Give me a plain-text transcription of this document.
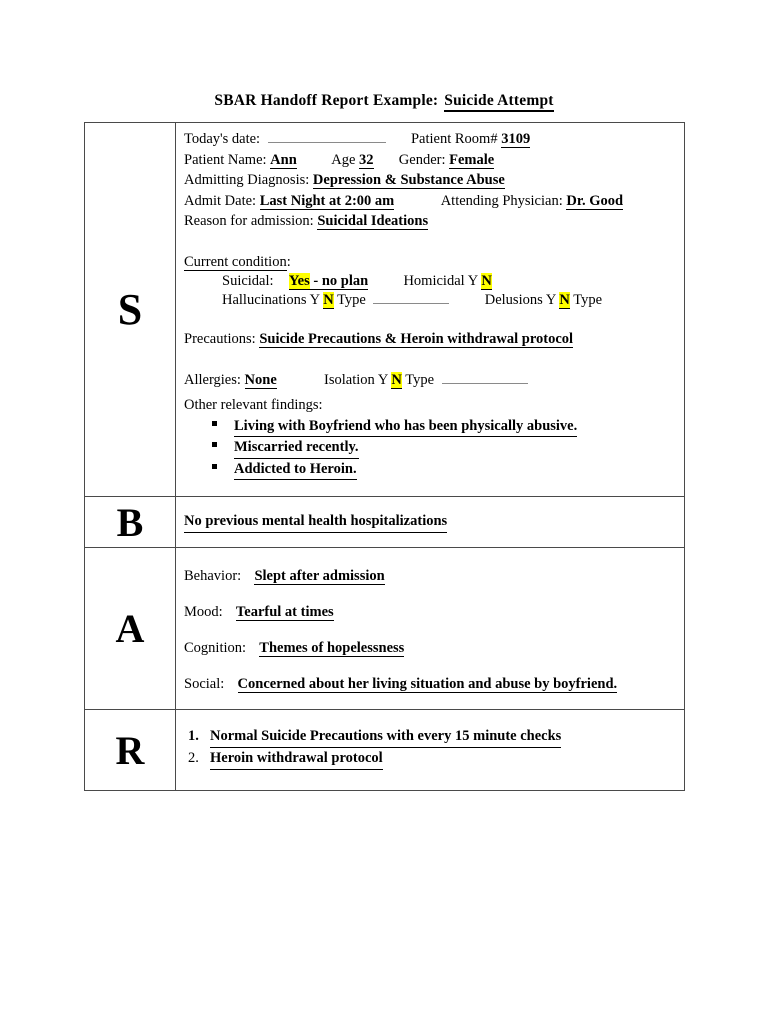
SBAR Handoff Report Example: Suicide Attempt
S
Today's date:	Patient Room# 3109
Patient Name: Ann Age 32 Gender: Female
Admitting Diagnosis: Depression & Substance Abuse
Admit Date: Last Night at 2:00 am	Attending Physician: Dr. Good
Reason for admission: Suicidal Ideations
Current condition:
Suicidal: Yes - no plan Homicidal Y N
Hallucinations Y N Type	Delusions Y N Type
Precautions: Suicide Precautions & Heroin withdrawal protocol
Allergies: None	Isolation Y N Type
Other relevant findings:
Living with Boyfriend who has been physically abusive.
Miscarried recently.
Addicted to Heroin.
B	No previous mental health hospitalizations
A
Behavior: Slept after admission
Mood: Tearful at times
Cognition: Themes of hopelessness
Social: Concerned about her living situation and abuse by boyfriend.
R	1. Normal Suicide Precautions with every 15 minute checks
2. Heroin withdrawal protocol
